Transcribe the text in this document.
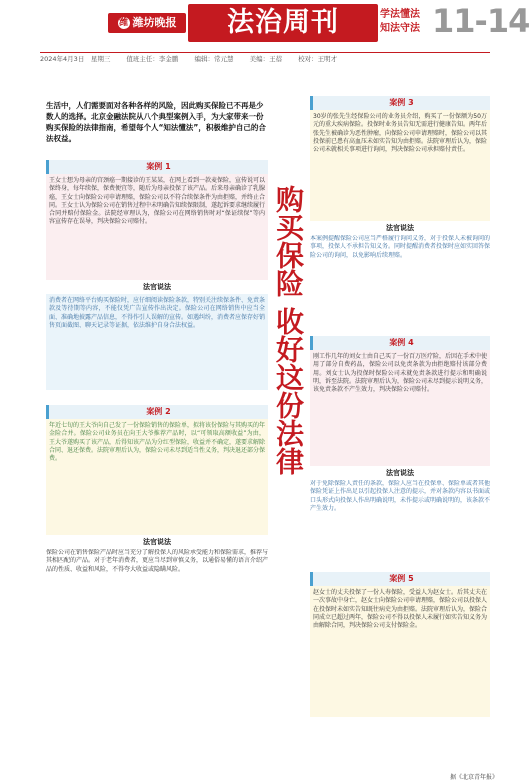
潍 潍坊晚报	法治周刊	学法懂法知法守法 11-14
2024年4月3日　星期三 值班主任：李金鹏 编辑：常元慧 美编：王蓓 校对：王明才
生活中，人们需要面对各种各样的风险，因此购买保险已不再是少数人的选择。北京金融法院从八个典型案例入手，为大家带来一份购买保险的法律指南，希望每个人“知法懂法”，积极维护自己的合法权益。
购买保险 收好这份法律
案例 1
王女士想为母亲的宫颈癌一期接诊的王某某，在网上看到一款麦保险，宣传说可以保终身，每年续保，保费便宜等，随后为母亲投保了该产品。后来母亲确诊了乳腺癌，王女士向保险公司申请理赔，保险公司以不符合续保条件为由拒赔，并终止合同。王女士认为保险公司在销售过程中未明确告知续保限制，遂起诉要求继续履行合同并赔付保险金。法院经审理认为，保险公司在网络销售时对“保证续保”等内容宣传存在误导，判决保险公司赔付。
法官说法
消费者在网络平台购买保险时，应仔细阅读保险条款，特别关注续保条件、免责条款及等待期等内容，不能仅凭广告宣传作出决定。保险公司在网络销售中应当全面、准确地披露产品信息，不得作引人误解的宣传。如遇纠纷，消费者应保存好销售页面截图、聊天记录等证据，依法维护自身合法权益。
案例 2
年近七旬的王大爷向自己发了一份保险销售的保险单，拟将该份保险与其购买的年金险合并。保险公司业务员在向王大爷推荐产品时，以“可领取高额收益”为由，王大爷遂购买了该产品，后得知该产品为分红型保险，收益并不确定，遂要求解除合同、退还保费。法院审理后认为，保险公司未尽到适当性义务，判决退还部分保费。
法官说法
保险公司在销售保险产品时应当充分了解投保人的风险承受能力和保险需求，推荐与其相匹配的产品。对于老年消费者，更应当尽到审慎义务，以通俗易懂的语言介绍产品的性质、收益和风险，不得夸大收益或隐瞒风险。
案例 3
30岁的张先生经保险公司的业务员介绍，购买了一份保额为50万元的重大疾病保险。投保时业务员告知无需进行健康告知。两年后张先生被确诊为恶性肿瘤，向保险公司申请理赔时，保险公司以其投保前已患有高血压未如实告知为由拒赔。法院审理后认为，保险公司未就相关事项进行询问，判决保险公司承担赔付责任。
法官说法
本案例提醒保险公司应当严格履行询问义务，对于投保人未被询问的事项，投保人不承担告知义务。同时提醒消费者投保时应如实回答保险公司的询问，以免影响后续理赔。
案例 4
刚工作几年的刘女士由自己买了一份百万医疗险，后因在手术中使用了部分自费药品，保险公司以免责条款为由拒绝赔付该部分费用。刘女士认为投保时保险公司未就免责条款进行提示和明确说明，诉至法院。法院审理后认为，保险公司未尽到提示说明义务，该免责条款不产生效力，判决保险公司赔付。
法官说法
对于免除保险人责任的条款，保险人应当在投保单、保险单或者其他保险凭证上作出足以引起投保人注意的提示，并对条款内容以书面或口头形式向投保人作出明确说明，未作提示或明确说明的，该条款不产生效力。
案例 5
赵女士的丈夫投保了一份人寿保险，受益人为赵女士。后其丈夫在一次事故中身亡，赵女士向保险公司申请理赔，保险公司以投保人在投保时未如实告知既往病史为由拒赔。法院审理后认为，保险合同成立已超过两年，保险公司不得以投保人未履行如实告知义务为由解除合同，判决保险公司支付保险金。
据《北京青年报》
